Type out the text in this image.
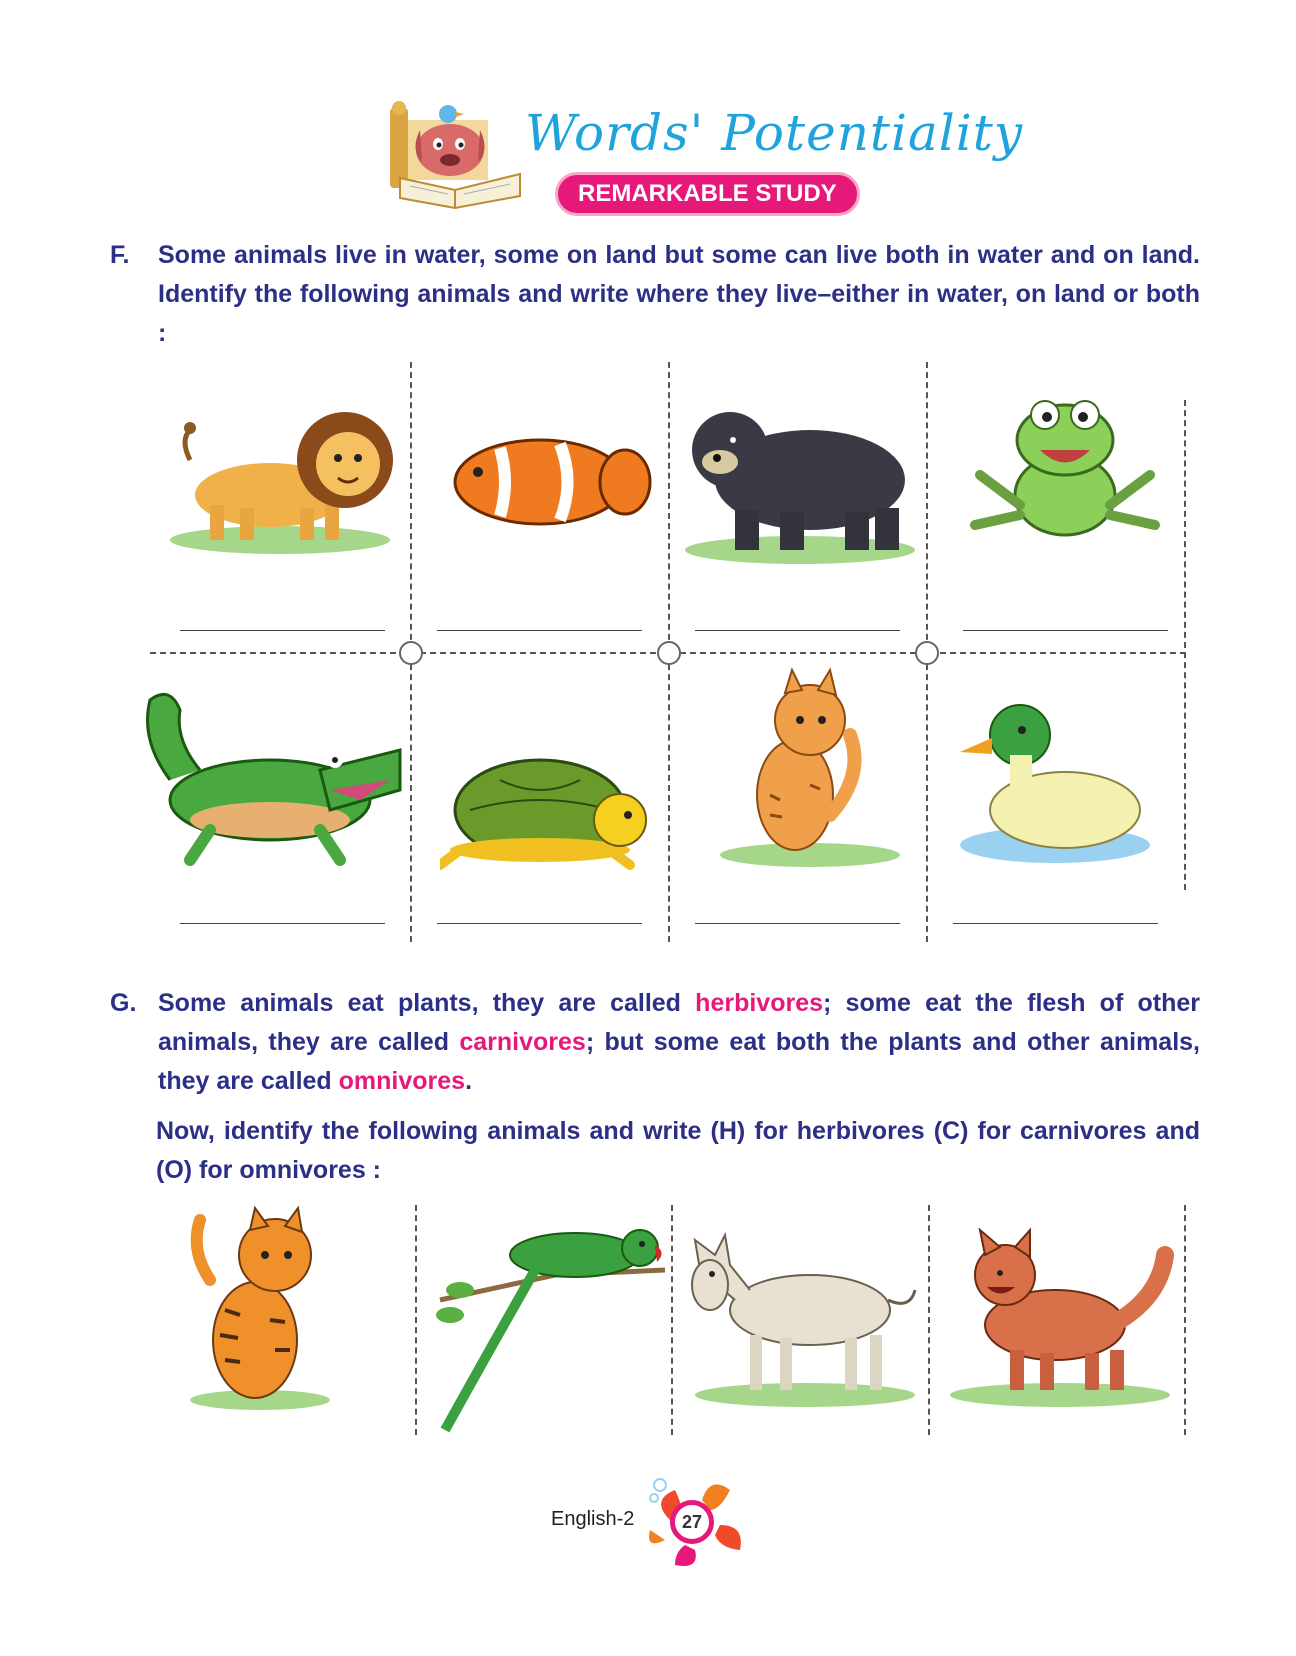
Words' Potentiality
REMARKABLE STUDY
F. Some animals live in water, some on land but some can live both in water and on land. Identify the following animals and write where they live–either in water, on land or both :
G. Some animals eat plants, they are called herbivores; some eat the flesh of other animals, they are called carnivores; but some eat both the plants and other animals, they are called omnivores.
Now, identify the following animals and write (H) for herbivores (C) for carnivores and (O) for omnivores :
English-2	27
